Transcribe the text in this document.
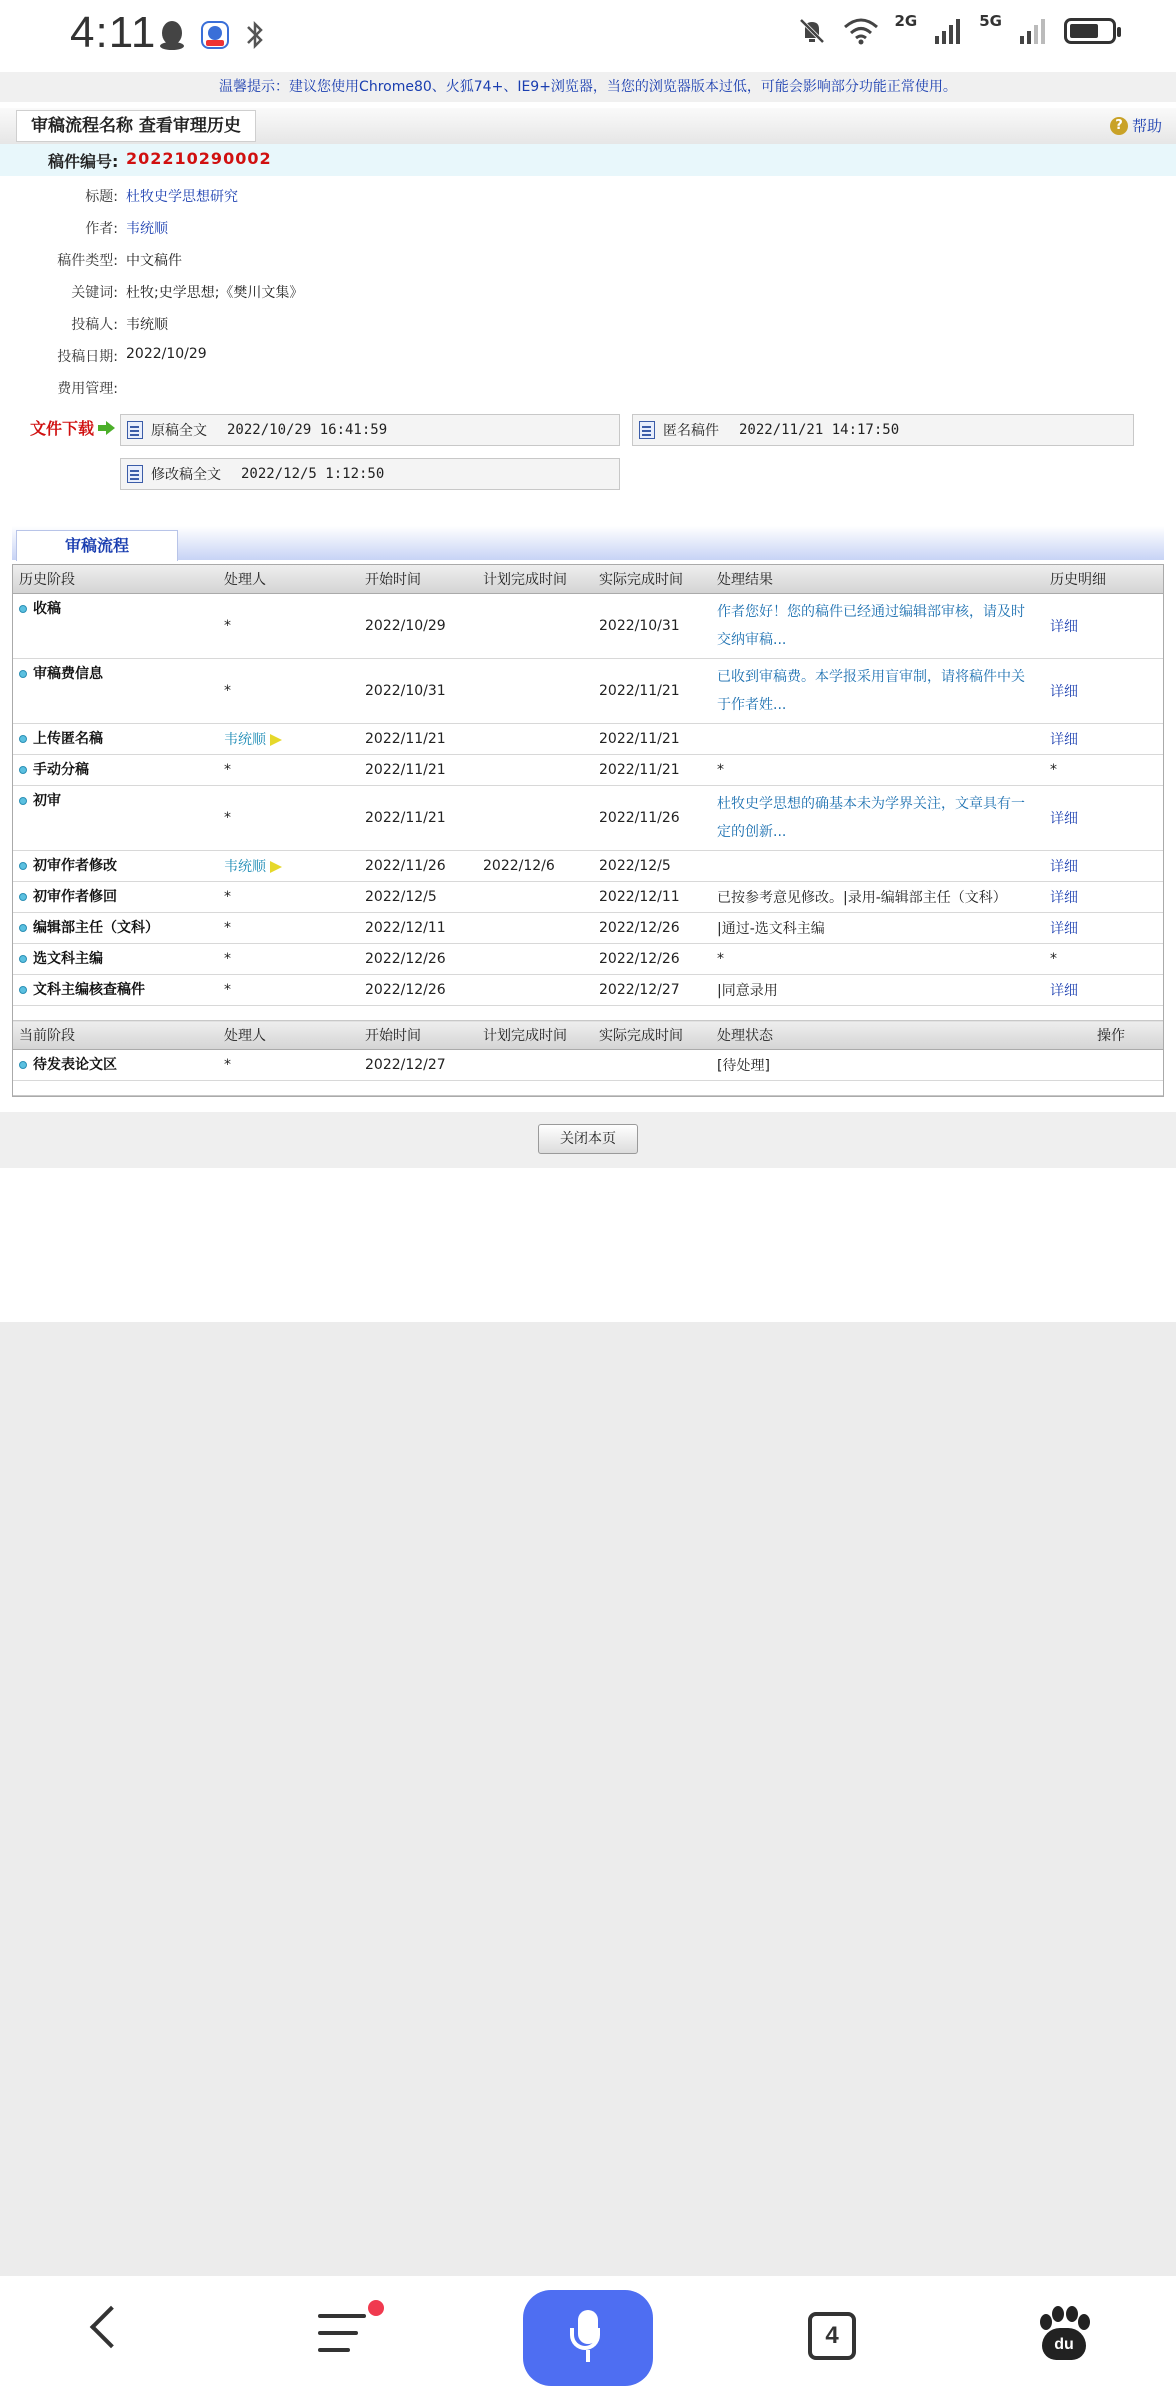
4:11	2G	5G
温馨提示：建议您使用Chrome80、火狐74+、IE9+浏览器，当您的浏览器版本过低，可能会影响部分功能正常使用。
审稿流程名称 查看审理历史	? 帮助
稿件编号: 202210290002
标题: 杜牧史学思想研究
作者: 韦统顺
稿件类型: 中文稿件
关键词: 杜牧;史学思想;《樊川文集》
投稿人: 韦统顺
投稿日期: 2022/10/29
费用管理:
文件下载	原稿全文 2022/10/29 16:41:59	匿名稿件 2022/11/21 14:17:50
修改稿全文 2022/12/5 1:12:50
审稿流程
历史阶段	处理人	开始时间	计划完成时间	实际完成时间	处理结果	历史明细
收稿	*	2022/10/29		2022/10/31	作者您好！您的稿件已经通过编辑部审核，请及时交纳审稿...	详细
审稿费信息	*	2022/10/31		2022/11/21	已收到审稿费。本学报采用盲审制，请将稿件中关于作者姓...	详细
上传匿名稿	韦统顺	2022/11/21		2022/11/21		详细
手动分稿	*	2022/11/21		2022/11/21	*	*
初审	*	2022/11/21		2022/11/26	杜牧史学思想的确基本未为学界关注，文章具有一定的创新...	详细
初审作者修改	韦统顺	2022/11/26	2022/12/6	2022/12/5		详细
初审作者修回	*	2022/12/5		2022/12/11	已按参考意见修改。|录用-编辑部主任（文科）	详细
编辑部主任（文科）	*	2022/12/11		2022/12/26	|通过-选文科主编	详细
选文科主编	*	2022/12/26		2022/12/26	*	*
文科主编核查稿件	*	2022/12/26		2022/12/27	|同意录用	详细

当前阶段	处理人	开始时间	计划完成时间	实际完成时间	处理状态	操作
待发表论文区	*	2022/12/27			[待处理]	

关闭本页
4	du
